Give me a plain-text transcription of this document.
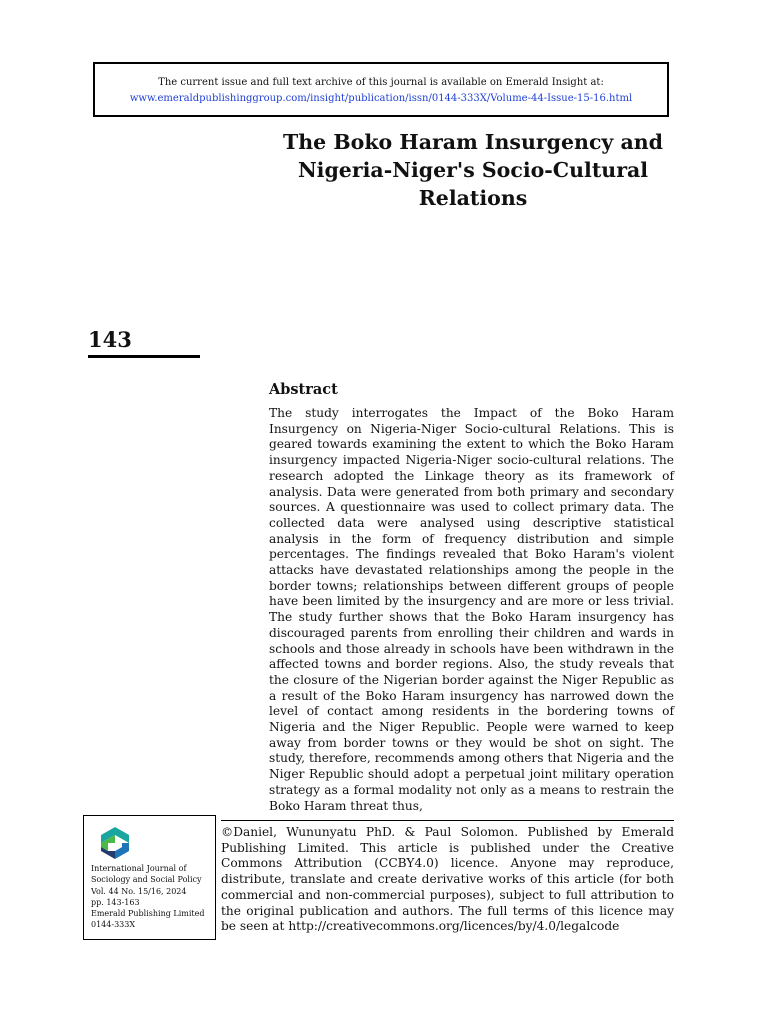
The current issue and full text archive of this journal is available on Emerald Insight at:
www.emeraldpublishinggroup.com/insight/publication/issn/0144-333X/Volume-44-Issue-15-16.html
The Boko Haram Insurgency and
Nigeria-Niger's Socio-Cultural
Relations
143
Abstract
The study interrogates the Impact of the Boko Haram Insurgency on Nigeria-Niger Socio-cultural Relations. This is geared towards examining the extent to which the Boko Haram insurgency impacted Nigeria-Niger socio-cultural relations. The research adopted the Linkage theory as its framework of analysis. Data were generated from both primary and secondary sources. A questionnaire was used to collect primary data. The collected data were analysed using descriptive statistical analysis in the form of frequency distribution and simple percentages. The findings revealed that Boko Haram's violent attacks have devastated relationships among the people in the border towns; relationships between different groups of people have been limited by the insurgency and are more or less trivial. The study further shows that the Boko Haram insurgency has discouraged parents from enrolling their children and wards in schools and those already in schools have been withdrawn in the affected towns and border regions. Also, the study reveals that the closure of the Nigerian border against the Niger Republic as a result of the Boko Haram insurgency has narrowed down the level of contact among residents in the bordering towns of Nigeria and the Niger Republic. People were warned to keep away from border towns or they would be shot on sight. The study, therefore, recommends among others that Nigeria and the Niger Republic should adopt a perpetual joint military operation strategy as a formal modality not only as a means to restrain the Boko Haram threat thus,
International Journal of
Sociology and Social Policy
Vol. 44 No. 15/16, 2024
pp. 143-163
Emerald Publishing Limited
0144-333X
©Daniel, Wununyatu PhD. & Paul Solomon. Published by Emerald Publishing Limited. This article is published under the Creative Commons Attribution (CCBY4.0) licence. Anyone may reproduce, distribute, translate and create derivative works of this article (for both commercial and non-commercial purposes), subject to full attribution to the original publication and authors. The full terms of this licence may be seen at http://creativecommons.org/licences/by/4.0/legalcode
